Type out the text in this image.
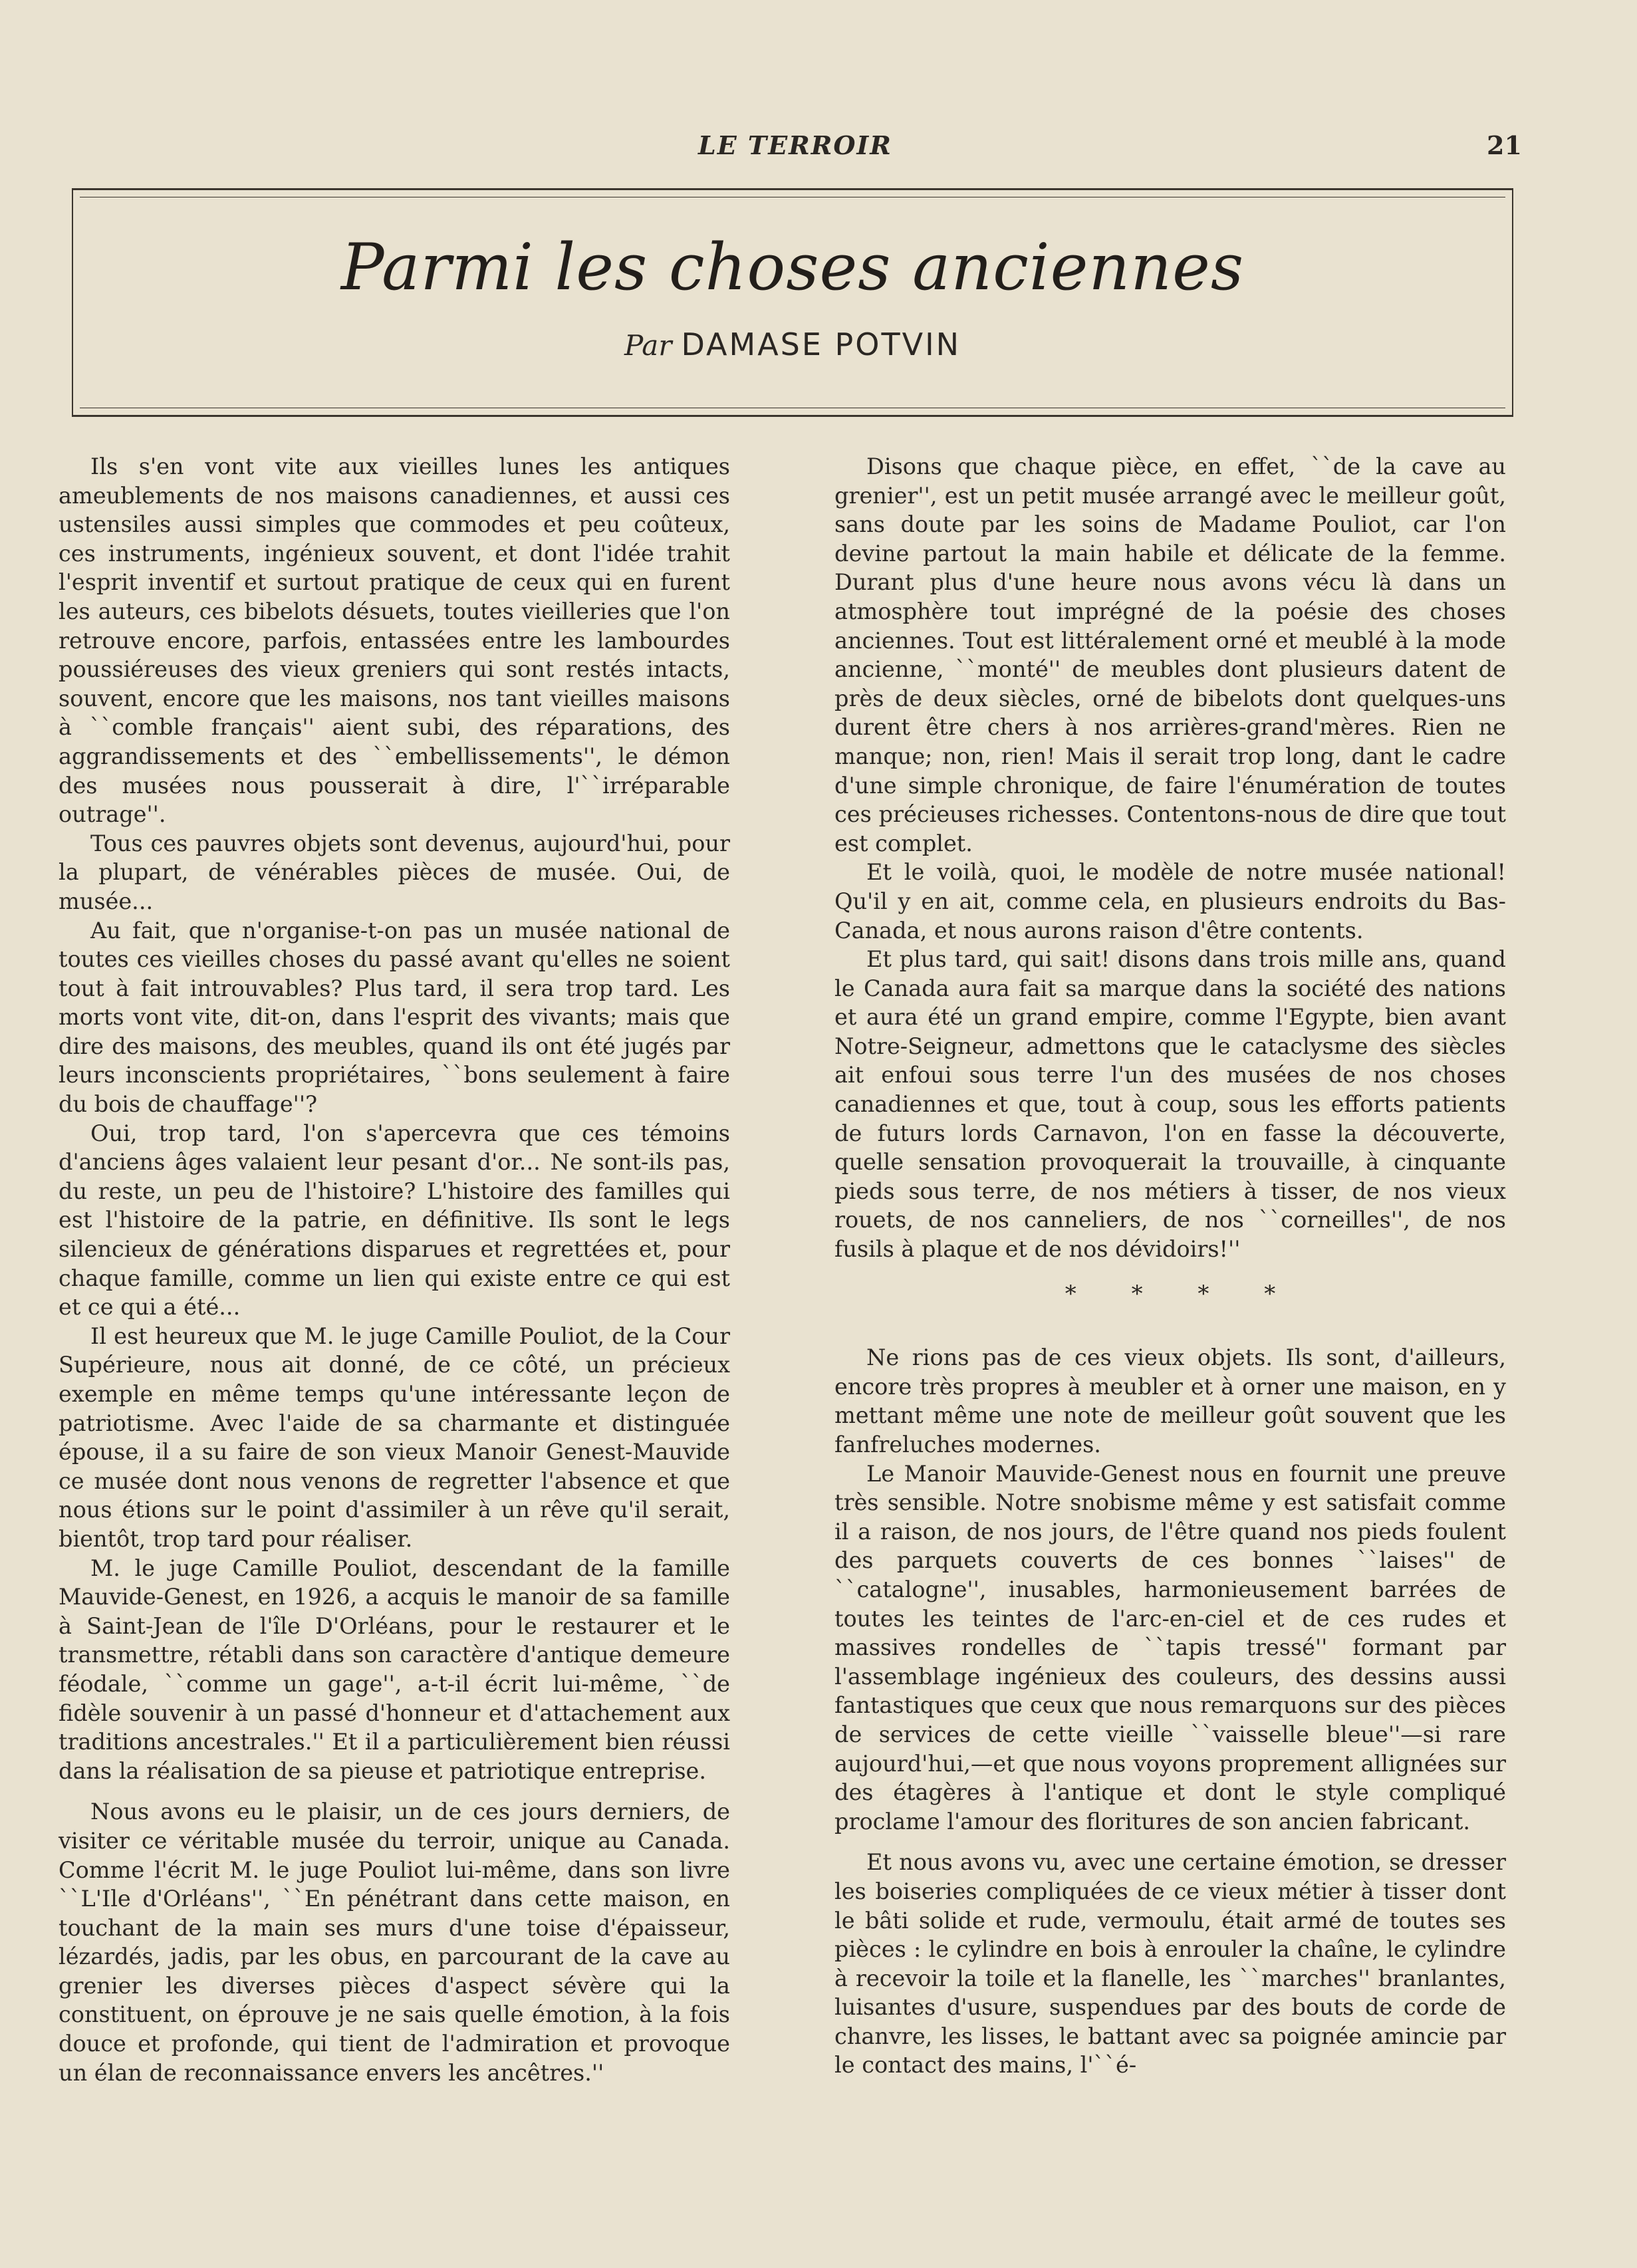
LE TERROIR	21
Parmi les choses anciennes
Par DAMASE POTVIN

Ils s'en vont vite aux vieilles lunes les antiques ameublements de nos maisons canadiennes, et aussi ces ustensiles aussi simples que commodes et peu coûteux, ces instruments, ingénieux souvent, et dont l'idée trahit l'esprit inventif et surtout pratique de ceux qui en furent les auteurs, ces bibelots désuets, toutes vieilleries que l'on retrouve encore, parfois, entassées entre les lambourdes poussiéreuses des vieux greniers qui sont restés intacts, souvent, encore que les maisons, nos tant vieilles maisons à ``comble français'' aient subi, des réparations, des aggrandissements et des ``embellissements'', le démon des musées nous pousserait à dire, l'``irréparable outrage''.

Tous ces pauvres objets sont devenus, aujourd'hui, pour la plupart, de vénérables pièces de musée. Oui, de musée...

Au fait, que n'organise-t-on pas un musée national de toutes ces vieilles choses du passé avant qu'elles ne soient tout à fait introuvables? Plus tard, il sera trop tard. Les morts vont vite, dit-on, dans l'esprit des vivants; mais que dire des maisons, des meubles, quand ils ont été jugés par leurs inconscients propriétaires, ``bons seulement à faire du bois de chauffage''?

Oui, trop tard, l'on s'apercevra que ces témoins d'anciens âges valaient leur pesant d'or... Ne sont-ils pas, du reste, un peu de l'histoire? L'histoire des familles qui est l'histoire de la patrie, en définitive. Ils sont le legs silencieux de générations disparues et regrettées et, pour chaque famille, comme un lien qui existe entre ce qui est et ce qui a été...

Il est heureux que M. le juge Camille Pouliot, de la Cour Supérieure, nous ait donné, de ce côté, un précieux exemple en même temps qu'une intéressante leçon de patriotisme. Avec l'aide de sa charmante et distinguée épouse, il a su faire de son vieux Manoir Genest-Mauvide ce musée dont nous venons de regretter l'absence et que nous étions sur le point d'assimiler à un rêve qu'il serait, bientôt, trop tard pour réaliser.

M. le juge Camille Pouliot, descendant de la famille Mauvide-Genest, en 1926, a acquis le manoir de sa famille à Saint-Jean de l'île D'Orléans, pour le restaurer et le transmettre, rétabli dans son caractère d'antique demeure féodale, ``comme un gage'', a-t-il écrit lui-même, ``de fidèle souvenir à un passé d'honneur et d'attachement aux traditions ancestrales.'' Et il a particulièrement bien réussi dans la réalisation de sa pieuse et patriotique entreprise.

Nous avons eu le plaisir, un de ces jours derniers, de visiter ce véritable musée du terroir, unique au Canada. Comme l'écrit M. le juge Pouliot lui-même, dans son livre ``L'Ile d'Orléans'', ``En pénétrant dans cette maison, en touchant de la main ses murs d'une toise d'épaisseur, lézardés, jadis, par les obus, en parcourant de la cave au grenier les diverses pièces d'aspect sévère qui la constituent, on éprouve je ne sais quelle émotion, à la fois douce et profonde, qui tient de l'admiration et provoque un élan de reconnaissance envers les ancêtres.''

Disons que chaque pièce, en effet, ``de la cave au grenier'', est un petit musée arrangé avec le meilleur goût, sans doute par les soins de Madame Pouliot, car l'on devine partout la main habile et délicate de la femme. Durant plus d'une heure nous avons vécu là dans un atmosphère tout imprégné de la poésie des choses anciennes. Tout est littéralement orné et meublé à la mode ancienne, ``monté'' de meubles dont plusieurs datent de près de deux siècles, orné de bibelots dont quelques-uns durent être chers à nos arrières-grand'mères. Rien ne manque; non, rien! Mais il serait trop long, dant le cadre d'une simple chronique, de faire l'énumération de toutes ces précieuses richesses. Contentons-nous de dire que tout est complet.

Et le voilà, quoi, le modèle de notre musée national! Qu'il y en ait, comme cela, en plusieurs endroits du Bas-Canada, et nous aurons raison d'être contents.

Et plus tard, qui sait! disons dans trois mille ans, quand le Canada aura fait sa marque dans la société des nations et aura été un grand empire, comme l'Egypte, bien avant Notre-Seigneur, admettons que le cataclysme des siècles ait enfoui sous terre l'un des musées de nos choses canadiennes et que, tout à coup, sous les efforts patients de futurs lords Carnavon, l'on en fasse la découverte, quelle sensation provoquerait la trouvaille, à cinquante pieds sous terre, de nos métiers à tisser, de nos vieux rouets, de nos canneliers, de nos ``corneilles'', de nos fusils à plaque et de nos dévidoirs!''

* * * *

Ne rions pas de ces vieux objets. Ils sont, d'ailleurs, encore très propres à meubler et à orner une maison, en y mettant même une note de meilleur goût souvent que les fanfreluches modernes.

Le Manoir Mauvide-Genest nous en fournit une preuve très sensible. Notre snobisme même y est satisfait comme il a raison, de nos jours, de l'être quand nos pieds foulent des parquets couverts de ces bonnes ``laises'' de ``catalogne'', inusables, harmonieusement barrées de toutes les teintes de l'arc-en-ciel et de ces rudes et massives rondelles de ``tapis tressé'' formant par l'assemblage ingénieux des couleurs, des dessins aussi fantastiques que ceux que nous remarquons sur des pièces de services de cette vieille ``vaisselle bleue''—si rare aujourd'hui,—et que nous voyons proprement allignées sur des étagères à l'antique et dont le style compliqué proclame l'amour des floritures de son ancien fabricant.

Et nous avons vu, avec une certaine émotion, se dresser les boiseries compliquées de ce vieux métier à tisser dont le bâti solide et rude, vermoulu, était armé de toutes ses pièces : le cylindre en bois à enrouler la chaîne, le cylindre à recevoir la toile et la flanelle, les ``marches'' branlantes, luisantes d'usure, suspendues par des bouts de corde de chanvre, les lisses, le battant avec sa poignée amincie par le contact des mains, l'``é-
